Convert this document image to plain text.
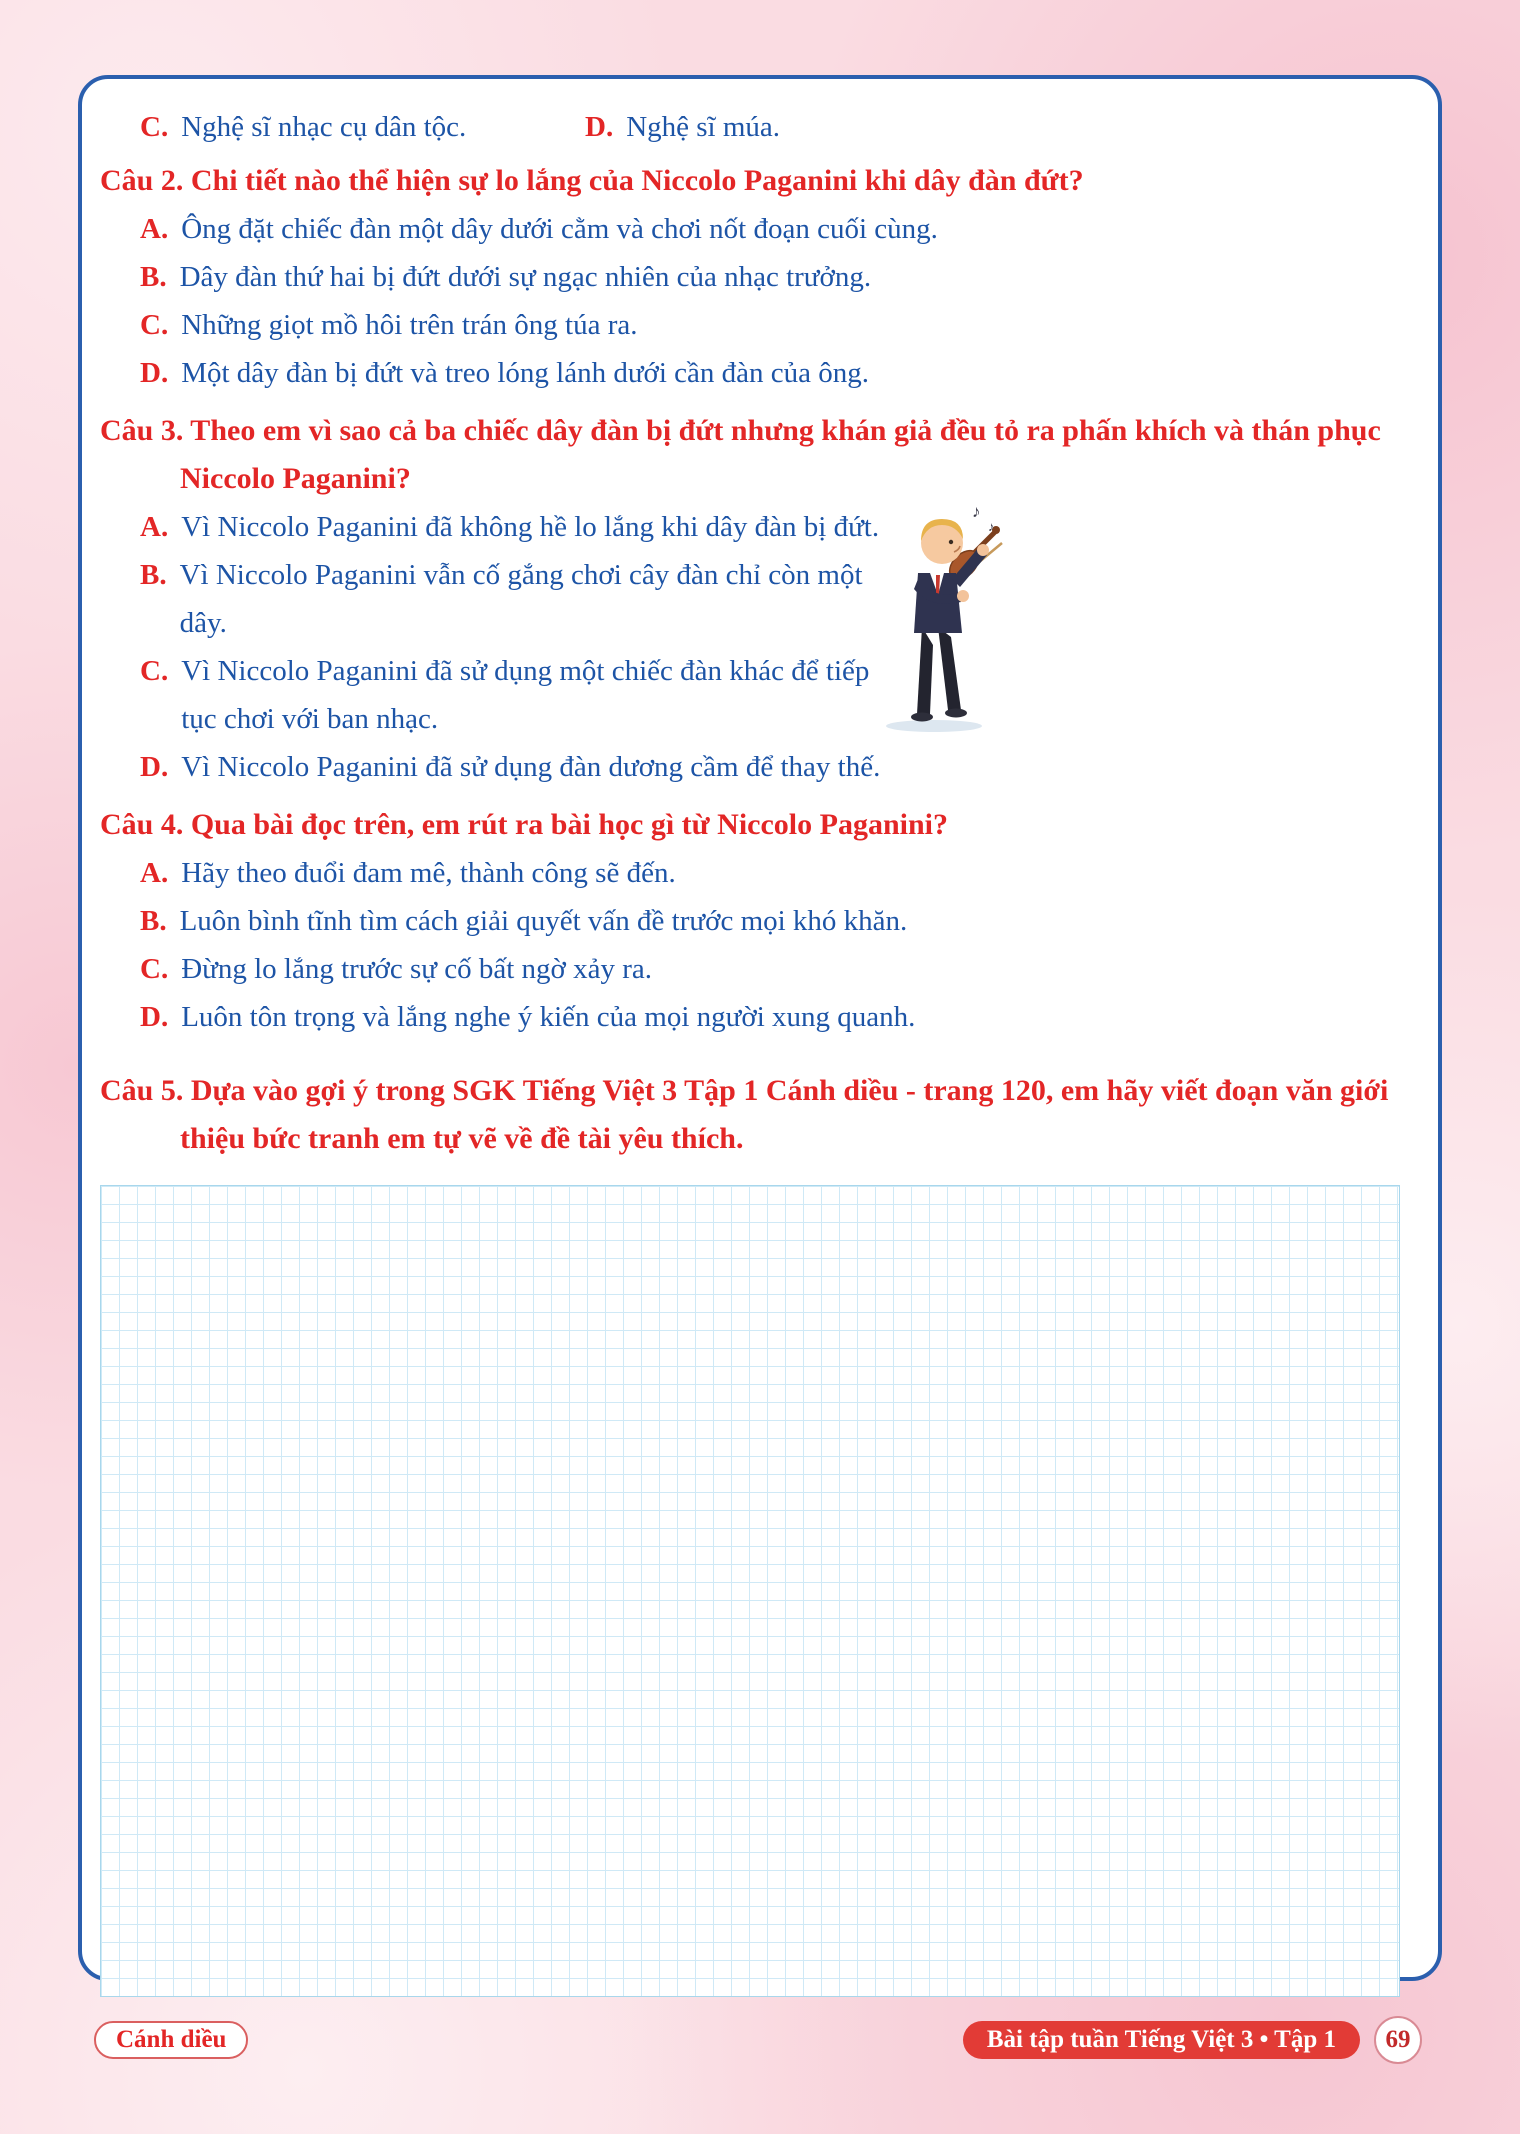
C. Nghệ sĩ nhạc cụ dân tộc.	D. Nghệ sĩ múa.
Câu 2. Chi tiết nào thể hiện sự lo lắng của Niccolo Paganini khi dây đàn đứt?
A. Ông đặt chiếc đàn một dây dưới cằm và chơi nốt đoạn cuối cùng.
B. Dây đàn thứ hai bị đứt dưới sự ngạc nhiên của nhạc trưởng.
C. Những giọt mồ hôi trên trán ông túa ra.
D. Một dây đàn bị đứt và treo lóng lánh dưới cần đàn của ông.
Câu 3. Theo em vì sao cả ba chiếc dây đàn bị đứt nhưng khán giả đều tỏ ra phấn khích và thán phục Niccolo Paganini?
A. Vì Niccolo Paganini đã không hề lo lắng khi dây đàn bị đứt.
B. Vì Niccolo Paganini vẫn cố gắng chơi cây đàn chỉ còn một dây.
C. Vì Niccolo Paganini đã sử dụng một chiếc đàn khác để tiếp tục chơi với ban nhạc.
D. Vì Niccolo Paganini đã sử dụng đàn dương cầm để thay thế.
♪
♪
Câu 4. Qua bài đọc trên, em rút ra bài học gì từ Niccolo Paganini?
A. Hãy theo đuổi đam mê, thành công sẽ đến.
B. Luôn bình tĩnh tìm cách giải quyết vấn đề trước mọi khó khăn.
C. Đừng lo lắng trước sự cố bất ngờ xảy ra.
D. Luôn tôn trọng và lắng nghe ý kiến của mọi người xung quanh.
Câu 5. Dựa vào gợi ý trong SGK Tiếng Việt 3 Tập 1 Cánh diều - trang 120, em hãy viết đoạn văn giới thiệu bức tranh em tự vẽ về đề tài yêu thích.
Cánh diều	Bài tập tuần Tiếng Việt 3 • Tập 1	69
